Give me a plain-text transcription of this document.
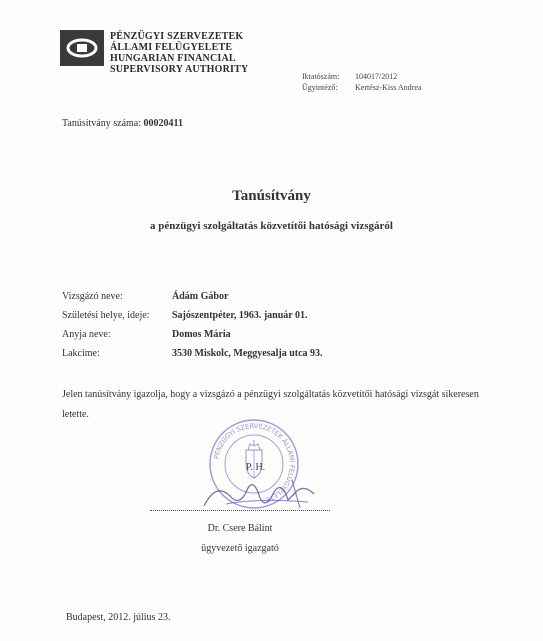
PÉNZÜGYI SZERVEZETEK
ÁLLAMI FELÜGYELETE
HUNGARIAN FINANCIAL
SUPERVISORY AUTHORITY
Iktatószám: 104017/2012
Ügyintéző: Kertész-Kiss Andrea
Tanúsítvány száma: 00020411
Tanúsítvány
a pénzügyi szolgáltatás közvetítői hatósági vizsgáról
Vizsgázó neve:	Ádám Gábor
Születési helye, ideje: Sajószentpéter, 1963. január 01.
Anyja neve:	Domos Mária
Lakcíme:	3530 Miskolc, Meggyesalja utca 93.
Jelen tanúsítvány igazolja, hogy a vizsgázó a pénzügyi szolgáltatás közvetítői hatósági vizsgát sikeresen letette.
PÉNZÜGYI SZERVEZETEK ÁLLAMI FELÜGYELETE
P. H.
Dr. Csere Bálint
ügyvezető igazgató
Budapest, 2012. július 23.
